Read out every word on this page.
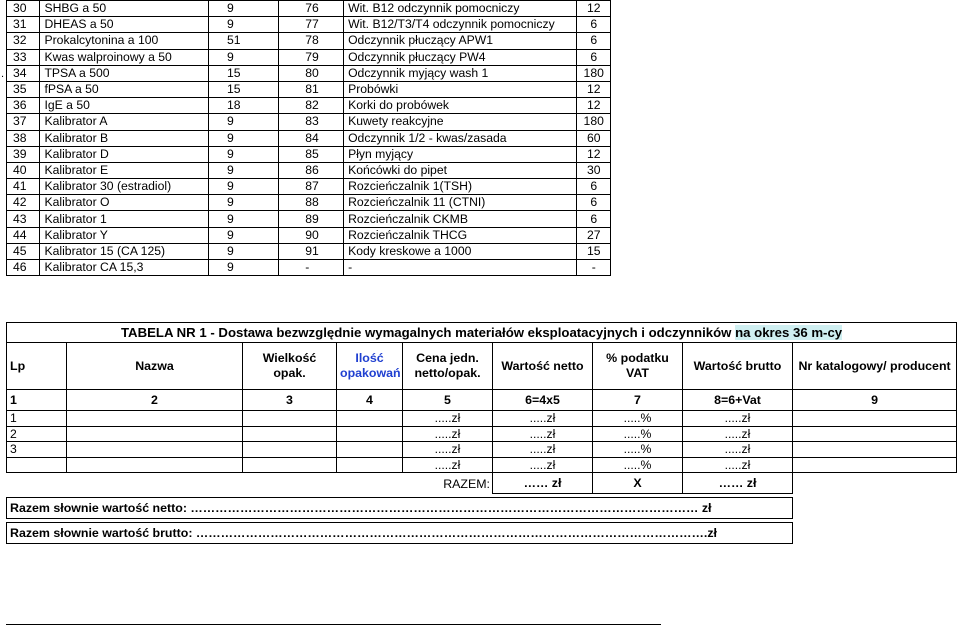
.
30	SHBG a 50	9	76	Wit. B12 odczynnik pomocniczy	12
31	DHEAS a 50	9	77	Wit. B12/T3/T4 odczynnik pomocniczy	6
32	Prokalcytonina a 100	51	78	Odczynnik płuczący APW1	6
33	Kwas walproinowy a 50	9	79	Odczynnik płuczący PW4	6
34	TPSA a 500	15	80	Odczynnik myjący wash 1	180
35	fPSA a 50	15	81	Probówki	12
36	IgE a 50	18	82	Korki do probówek	12
37	Kalibrator A	9	83	Kuwety reakcyjne	180
38	Kalibrator B	9	84	Odczynnik 1/2 - kwas/zasada	60
39	Kalibrator D	9	85	Płyn myjący	12
40	Kalibrator E	9	86	Końcówki do pipet	30
41	Kalibrator 30 (estradiol)	9	87	Rozcieńczalnik 1(TSH)	6
42	Kalibrator O	9	88	Rozcieńczalnik 11 (CTNI)	6
43	Kalibrator 1	9	89	Rozcieńczalnik CKMB	6
44	Kalibrator Y	9	90	Rozcieńczalnik THCG	27
45	Kalibrator 15 (CA 125)	9	91	Kody kreskowe a 1000	15
46	Kalibrator CA 15,3	9	-	-	-
TABELA NR 1 - Dostawa bezwzględnie wymagalnych materiałów eksploatacyjnych i odczynników na okres 36 m-cy								
Lp	Nazwa	Wielkość opak.	Ilość opakowań	Cena jedn. netto/opak.	Wartość netto	% podatku VAT	Wartość brutto	Nr katalogowy/ producent
1	2	3	4	5	6=4x5	7	8=6+Vat	9
1				.....zł	.....zł	.....%	.....zł	
2				.....zł	.....zł	.....%	.....zł	
3				.....zł	.....zł	.....%	.....zł	
				.....zł	.....zł	.....%	.....zł	
RAZEM:					…… zł	X	…… zł	

Razem słownie wartość netto: …………………………………………………………………………………………………………… zł								

Razem słownie wartość brutto: …………………………………………………………………………………………………………….zł								
